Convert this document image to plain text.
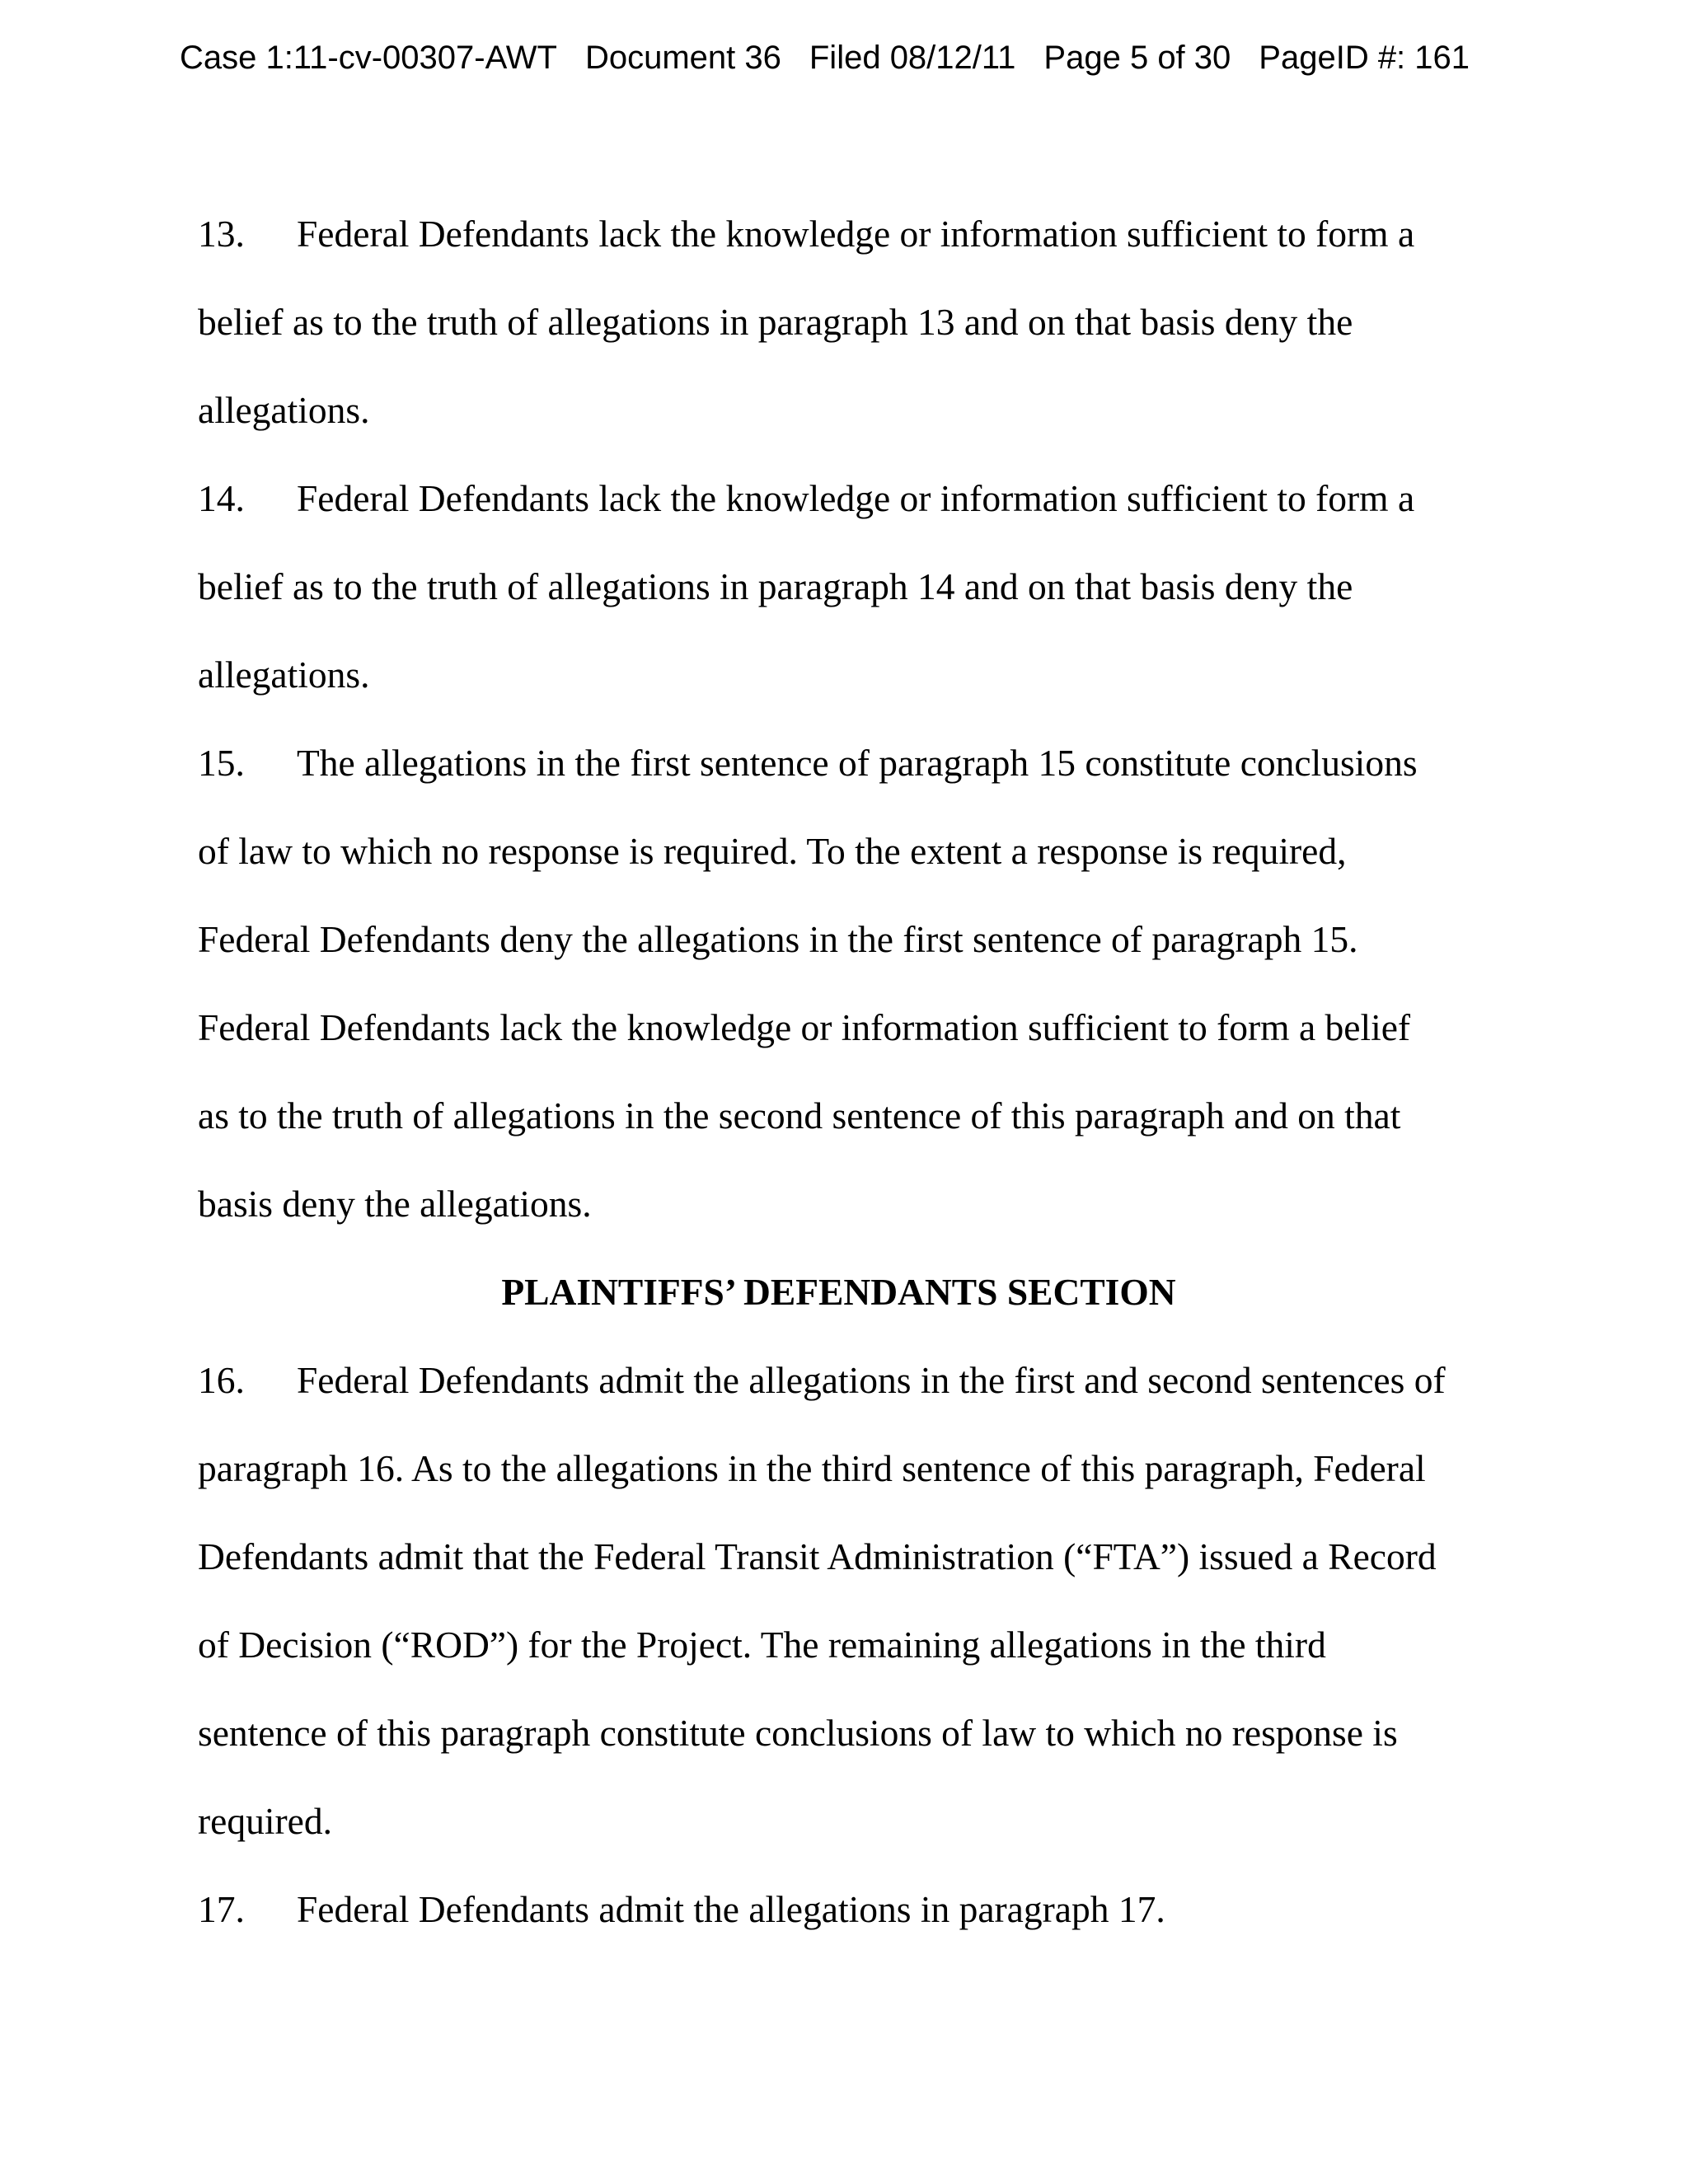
Case 1:11-cv-00307-AWT Document 36 Filed 08/12/11 Page 5 of 30 PageID #: 161
13. Federal Defendants lack the knowledge or information sufficient to form a
belief as to the truth of allegations in paragraph 13 and on that basis deny the
allegations.
14. Federal Defendants lack the knowledge or information sufficient to form a
belief as to the truth of allegations in paragraph 14 and on that basis deny the
allegations.
15. The allegations in the first sentence of paragraph 15 constitute conclusions
of law to which no response is required. To the extent a response is required,
Federal Defendants deny the allegations in the first sentence of paragraph 15.
Federal Defendants lack the knowledge or information sufficient to form a belief
as to the truth of allegations in the second sentence of this paragraph and on that
basis deny the allegations.
PLAINTIFFS’ DEFENDANTS SECTION
16. Federal Defendants admit the allegations in the first and second sentences of
paragraph 16. As to the allegations in the third sentence of this paragraph, Federal
Defendants admit that the Federal Transit Administration (“FTA”) issued a Record
of Decision (“ROD”) for the Project. The remaining allegations in the third
sentence of this paragraph constitute conclusions of law to which no response is
required.
17. Federal Defendants admit the allegations in paragraph 17.
